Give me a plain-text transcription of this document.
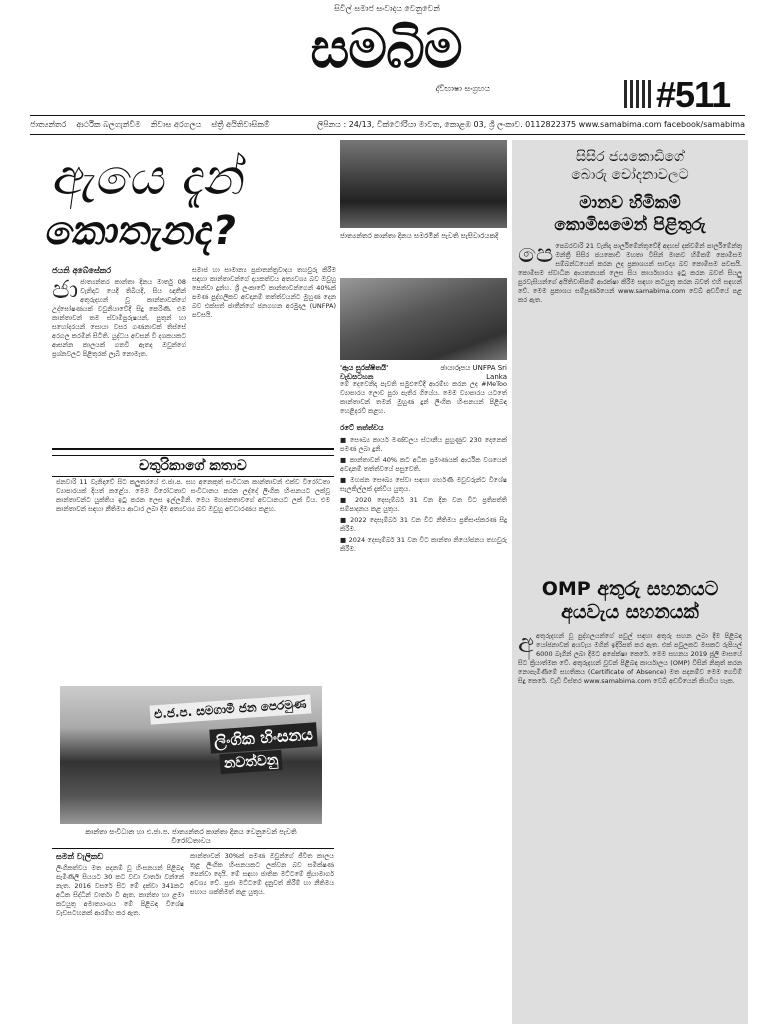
සිවිල් සමාජ සංවාදය වෙනුවෙන්
සමබිම
ද්විභාෂා සංග්‍රහය	#511
ජාත්‍යන්තර ආර්ථික බලගැන්වීම නිවාස අරගලය ස්ත්‍රී අයිතිවාසිකම්	ලිපිනය : 24/13, වික්ටෝරියා මාවත, කොළඹ 03, ශ්‍රී ලංකාව. 0112822375 www.samabima.com facebook/samabima
ඇයෙ දැන්
කොතැනද?	ජාත්‍යන්තර කාන්තා දිනය සමරමින් පැවති සැසිවාරයකදී
ජයනි අබේසේකර
ජාජාත්‍යන්තර කාන්තා දිනය මාර්තු 08 වැනිදාට යෙදී තිබියදී, සිය ඥාතීන් අතුරුදහන් වූ කාන්තාවන්ගේ උද්ඝෝෂණයක් වවුනියාවේදී සිදු කෙරිණි. එම කාන්තාවන් තම ස්වාමිපුරුෂයන්, පුතුන් හා සහෝදරයන් සොයා වසර ගණනාවක් තිස්සේ අරගල කරමින් සිටිති. යුද්ධය අවසන් වී දශකයකට ආසන්න කාලයක් ගතවී ඇතද ඔවුන්ගේ ප්‍රශ්නවලට පිළිතුරක් ලැබී නොමැත.
සමාජ හා සාමාන්‍ය ප්‍රජාතන්ත්‍රවාදය තහවුරු කිරීම සඳහා කාන්තාවන්ගේ දායකත්වය අත්‍යවශ්‍ය බව ඔවුහු පෙන්වා දුන්හ. ශ්‍රී ලංකාවේ කාන්තාවන්ගෙන් 40%ක් පමණ පුද්ගලිකව අවදානම් තත්ත්වයන්ට මුහුණ දෙන බව එක්සත් ජාතීන්ගේ ජනගහන අරමුදල (UNFPA) පවසයි.
'ඇය සුරක්ෂිතයි' වැඩසටහන
ඡායාරූපය UNFPA Sri Lanka
මේ දෙවෙනිදා පැවති සමුළුවේදී ආරම්භ කරන ලද #MeToo ව්‍යාපාරය ලොව පුරා පැතිර ගියේය. මෙම ව්‍යාපාරය යටතේ කාන්තාවන් තමන් මුහුණ දුන් ලිංගික හිංසනයන් පිළිබඳ හෙළිදරව් කළහ.
රටේ තත්ත්වය

■ සෞඛ්‍ය කාර්ය මණ්ඩලය ස්ථානීය පුහුණුව 230 දෙනෙක් පමණ ලබා දුනි.

■ කාන්තාවන් 40% කට අධික ප්‍රමාණයක් ආර්ථික වශයෙන් අවදානම් තත්ත්වයේ පසුවෙති.

■ මහජන සෞඛ්‍ය සේවා සඳහා ගර්භණී මවුවරුන්ට විශේෂ සැලකිල්ලක් දැක්විය යුතුය.

■ 2020 දෙසැම්බර් 31 වන දින වන විට ප්‍රතිපත්ති සම්පාදනය කළ යුතුය.

■ 2022 දෙසැම්බර් 31 වන විට නීතිමය ප්‍රතිසංස්කරණ සිදු කිරීම.

■ 2024 දෙසැම්බර් 31 වන විට කාන්තා නියෝජනය තහවුරු කිරීම.

චතුරිකාගේ කතාව
ජනවාරි 11 වැනිදාවේ සිට කලුතරයේ එ.ජා.ප. සහ අනෙකුත් සංවිධාන කාන්තාවන් එක්ව විරෝධතා ව්‍යාපාරයක් දියත් කළේය. මෙම විරෝධතාව සංවිධානය කරන ලද්දේ ලිංගික හිංසනයට ලක්වූ කාන්තාවන්ට යුක්තිය ඉටු කරන ලෙස ඉල්ලමිනි. මෙය මහජනතාවගේ අවධානයට ලක් විය. එම කාන්තාවන් සඳහා නීතිමය ආධාර ලබා දීම අත්‍යවශ්‍ය බව ඔවුහු අවධාරණය කළහ.
එ.ජ.ප. සමගාමී ජන පෙරමුණ
ලිංගික හිංසනය
නවත්වනු
කාන්තා සංවිධාන හා එ.ජා.ප. ජාත්‍යන්තර කාන්තා දිනය වෙනුවෙන් පැවති විරෝධතාවය
සමන් වැලිකඩ
ලිංගිකත්වය මත පදනම් වූ හිංසනයන් පිළිබඳ පැමිණිලි සියයට 30 කට වඩා වාර්තා වන්නේ නැත. 2016 වසරේ සිට මේ දක්වා 341කට අධික සිද්ධීන් වාර්තා වී ඇත. කාන්තා හා ළමා කටයුතු අමාත්‍යාංශය මේ පිළිබඳ විශේෂ වැඩසටහනක් ආරම්භ කර ඇත.
කාන්තාවන් 30%ක් පමණ ඔවුන්ගේ ජීවිත කාලය තුළ ලිංගික හිංසනයකට ලක්වන බව සමීක්ෂණ පෙන්වා දෙයි. මේ සඳහා ජාතික මට්ටමේ ක්‍රියාමාර්ග අවශ්‍ය වේ. ප්‍රජා මට්ටමේ දැනුවත් කිරීම් හා නීතිමය සහාය ශක්තිමත් කළ යුතුය.
සිසිර ජයකොඩිගේ
බොරු චෝදනාවලට
මානව හිමිකම්
කොමිසමෙන් පිළිතුරු
පෙපෙබරවාරි 21 වැනිදා පාර්ලිමේන්තුවේදී අදහස් දක්වමින් පාර්ලිමේන්තු මන්ත්‍රී සිසිර ජයකොඩි මහතා විසින් මානව හිමිකම් කොමිසම සම්බන්ධයෙන් කරන ලද ප්‍රකාශයන් සාවද්‍ය බව කොමිසම පවසයි. කොමිසම ස්වාධීන ආයතනයක් ලෙස සිය කාර්යභාරය ඉටු කරන බවත් සියලු පුරවැසියන්ගේ අයිතිවාසිකම් ආරක්ෂා කිරීම සඳහා කටයුතු කරන බවත් එහි සඳහන් වේ. මෙම ප්‍රකාශය සම්පූර්ණයෙන් www.samabima.com වෙබ් අඩවියේ පළ කර ඇත.
OMP අතුරු සහනයට
අයවැය සහනයක්
අඅතුරුදහන් වූ පුද්ගලයන්ගේ පවුල් සඳහා අතුරු සහන ලබා දීම පිළිබඳ යෝජනාවක් අයවැය මගින් ඉදිරිපත් කර ඇත. එක් පවුලකට මසකට රුපියල් 6000 බැගින් ලබා දීමට අපේක්ෂා කෙරේ. මෙම සහනය 2019 ජූලි මාසයේ සිට ක්‍රියාත්මක වේ. අතුරුදහන් වූවන් පිළිබඳ කාර්යාලය (OMP) විසින් නිකුත් කරන නොපැමිණීමේ සහතිකය (Certificate of Absence) මත පදනම්ව මෙම ගෙවීම් සිදු කෙරේ. වැඩි විස්තර www.samabima.com වෙබ් අඩවියෙන් කියවිය හැක.
